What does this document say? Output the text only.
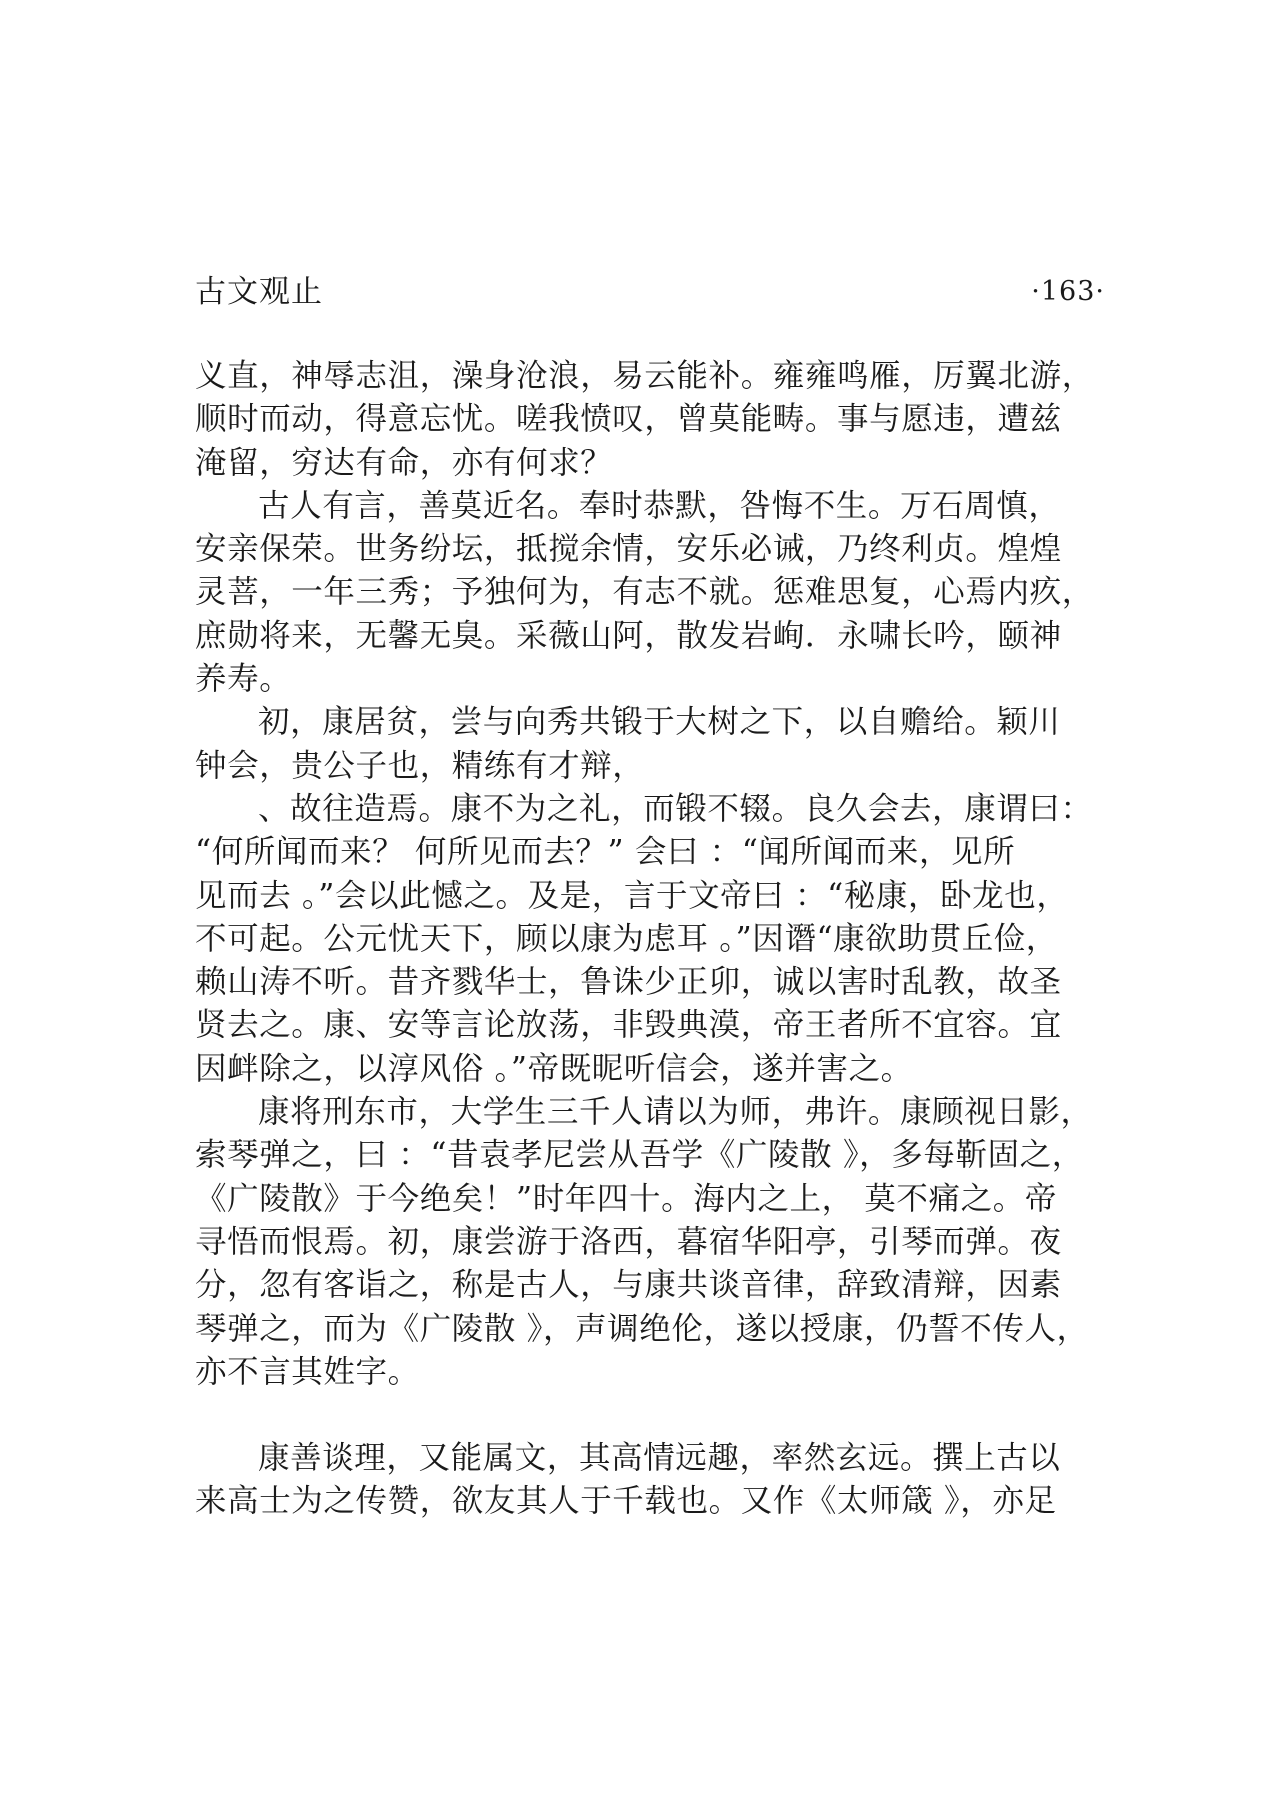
古文观止	·163·
义直，神辱志沮，澡身沧浪，易云能补。雍雍鸣雁，厉翼北游，
顺时而动，得意忘忧。嗟我愤叹，曾莫能畴。事与愿违，遭兹
淹留，穷达有命，亦有何求？
古人有言，善莫近名。奉时恭默，咎悔不生。万石周慎，
安亲保荣。世务纷坛，抵搅余情，安乐必诫，乃终利贞。煌煌
灵菩，一年三秀；予独何为，有志不就。惩难思复，心焉内疚，
庶勋将来，无馨无臭。采薇山阿，散发岩峋．永啸长吟，颐神
养寿。
初，康居贫，尝与向秀共锻于大树之下，以自赡给。颖川
钟会，贵公子也，精练有才辩，
、故往造焉。康不为之礼，而锻不辍。良久会去，康谓曰：
“何所闻而来？ 何所见而去？” 会曰 ：“闻所闻而来，见所
见而去 。”会以此憾之。及是，言于文帝曰 ：“秘康，卧龙也，
不可起。公元忧天下，顾以康为虑耳 。”因谮“康欲助贯丘俭，
赖山涛不听。昔齐戮华士，鲁诛少正卯，诚以害时乱教，故圣
贤去之。康、安等言论放荡，非毁典漠，帝王者所不宜容。宜
因衅除之，以淳风俗 。”帝既昵听信会，遂并害之。
康将刑东市，大学生三千人请以为师，弗许。康顾视日影，
索琴弹之，曰 ：“昔袁孝尼尝从吾学《广陵散 》，多每靳固之，
《广陵散》于今绝矣！”时年四十。海内之上， 莫不痛之。帝
寻悟而恨焉。初，康尝游于洛西，暮宿华阳亭，引琴而弹。夜
分，忽有客诣之，称是古人，与康共谈音律，辞致清辩，因素
琴弹之，而为《广陵散 》，声调绝伦，遂以授康，仍誓不传人，
亦不言其姓字。
康善谈理，又能属文，其高情远趣，率然玄远。撰上古以
来高士为之传赞，欲友其人于千载也。又作《太师箴 》，亦足
